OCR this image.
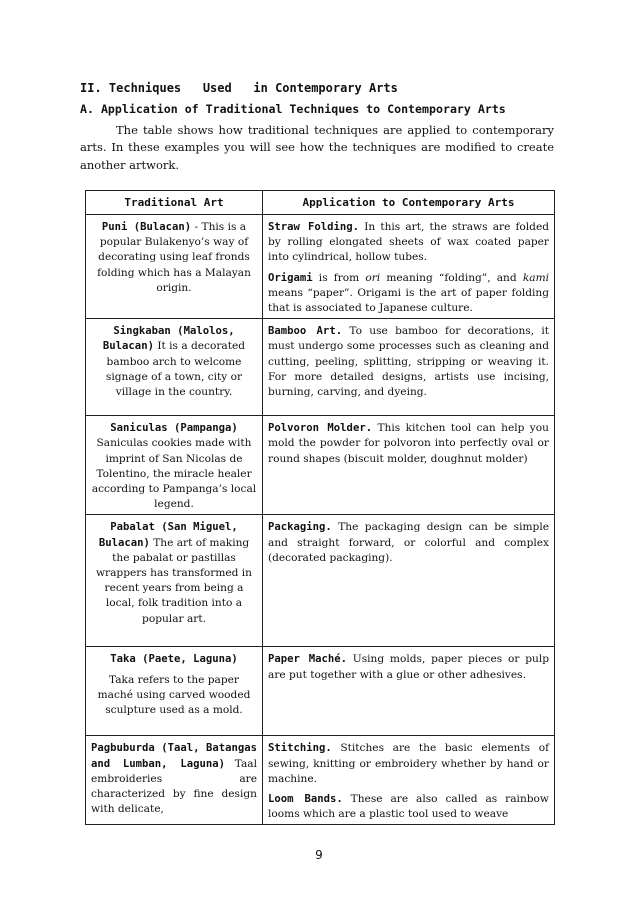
II. Techniques   Used   in Contemporary Arts
A. Application of Traditional Techniques to Contemporary Arts
The table shows how traditional techniques are applied to contemporary arts. In these examples you will see how the techniques are modified to create another artwork.
Traditional Art	Application to Contemporary Arts
Puni (Bulacan) - This is a popular Bulakenyo’s way of decorating using leaf fronds folding which has a Malayan origin.	Straw Folding. In this art, the straws are folded by rolling elongated sheets of wax coated paper into cylindrical, hollow tubes.

Origami is from ori meaning “folding”, and kami means “paper”. Origami is the art of paper folding that is associated to Japanese culture.

Singkaban (Malolos, Bulacan) It is a decorated bamboo arch to welcome signage of a town, city or village in the country.	Bamboo Art. To use bamboo for decorations, it must undergo some processes such as cleaning and cutting, peeling, splitting, stripping or weaving it. For more detailed designs, artists use incising, burning, carving, and dyeing.

Saniculas (Pampanga)
Saniculas cookies made with imprint of San Nicolas de Tolentino, the miracle healer according to Pampanga’s local legend.	Polvoron Molder. This kitchen tool can help you mold the powder for polvoron into perfectly oval or round shapes (biscuit molder, doughnut molder)

Pabalat (San Miguel, Bulacan) The art of making the pabalat or pastillas wrappers has transformed in recent years from being a local, folk tradition into a popular art.	Packaging. The packaging design can be simple and straight forward, or colorful and complex (decorated packaging).

Taka (Paete, Laguna)
Taka refers to the paper maché using carved wooded sculpture used as a mold.	Paper Maché. Using molds, paper pieces or pulp are put together with a glue or other adhesives.

Pagbuburda (Taal, Batangas and Lumban, Laguna) Taal embroideries are characterized by fine design with delicate,	Stitching. Stitches are the basic elements of sewing, knitting or embroidery whether by hand or machine.

Loom Bands. These are also called as rainbow looms which are a plastic tool used to weave

9
